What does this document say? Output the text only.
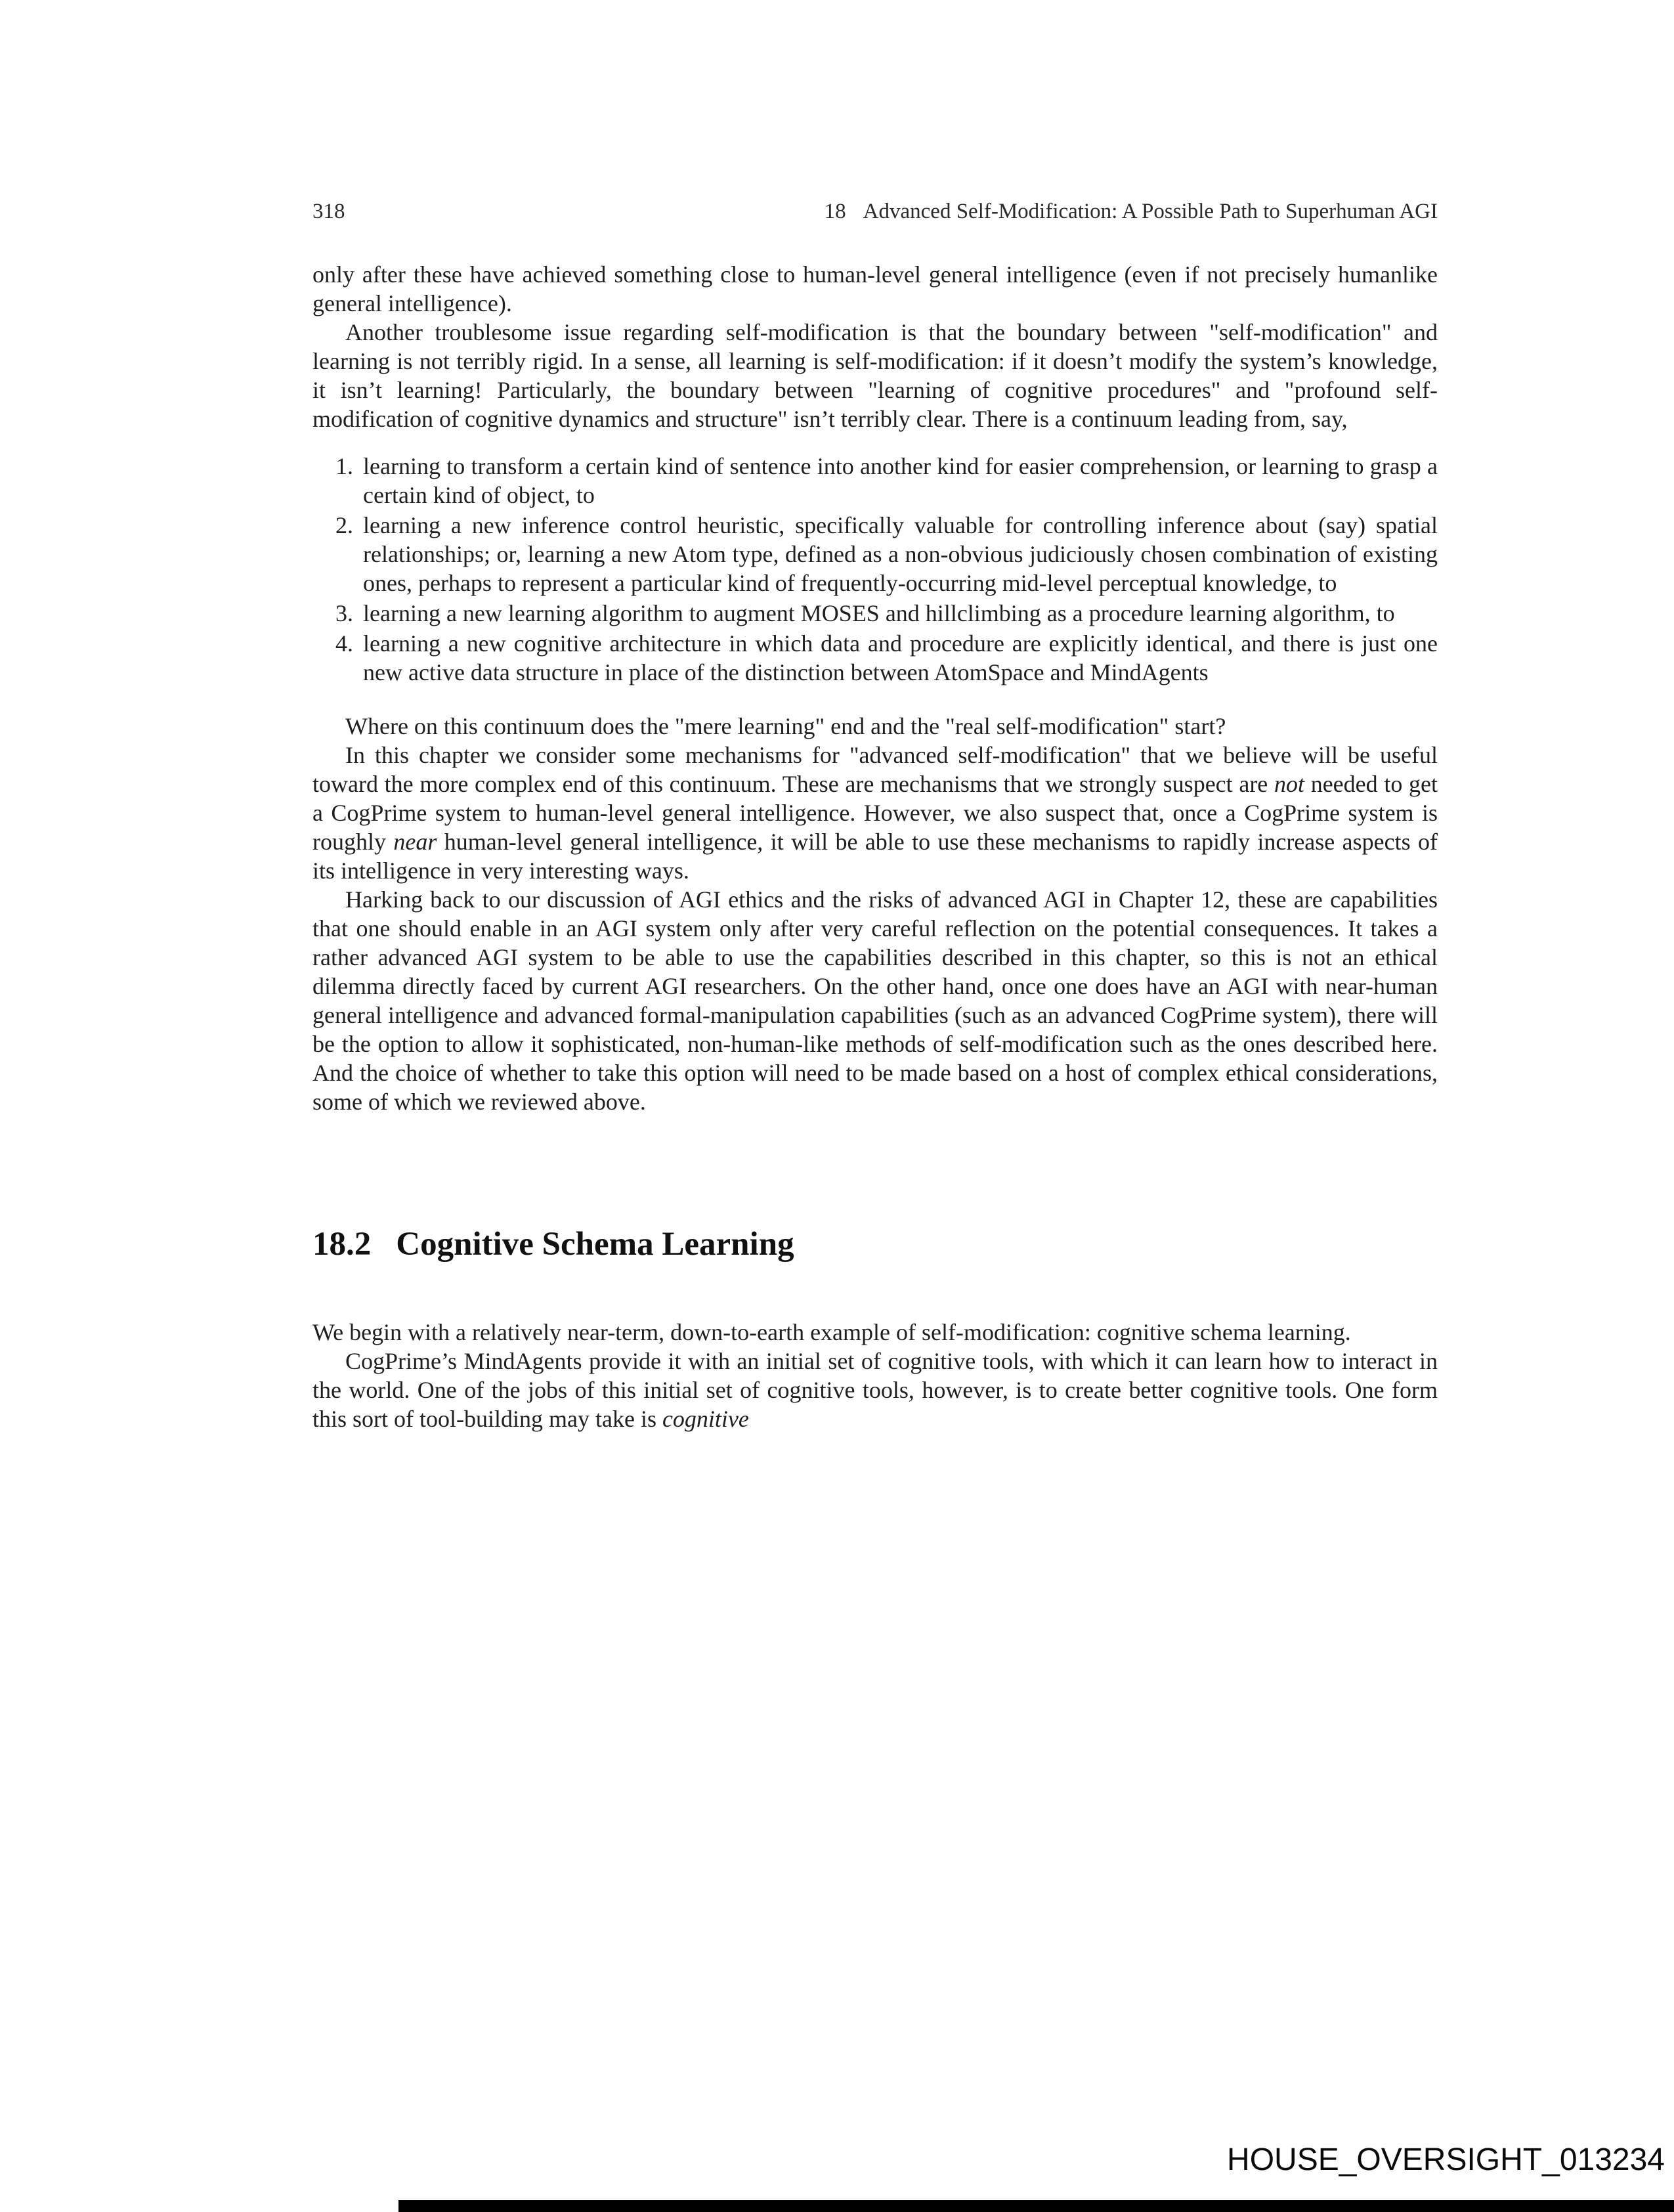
318	18 Advanced Self-Modification: A Possible Path to Superhuman AGI

only after these have achieved something close to human-level general intelligence (even if not precisely humanlike general intelligence).

Another troublesome issue regarding self-modification is that the boundary between "self-modification" and learning is not terribly rigid. In a sense, all learning is self-modification: if it doesn’t modify the system’s knowledge, it isn’t learning! Particularly, the boundary between "learning of cognitive procedures" and "profound self-modification of cognitive dynamics and structure" isn’t terribly clear. There is a continuum leading from, say,

1. learning to transform a certain kind of sentence into another kind for easier comprehension, or learning to grasp a certain kind of object, to
2. learning a new inference control heuristic, specifically valuable for controlling inference about (say) spatial relationships; or, learning a new Atom type, defined as a non-obvious judiciously chosen combination of existing ones, perhaps to represent a particular kind of frequently-occurring mid-level perceptual knowledge, to
3. learning a new learning algorithm to augment MOSES and hillclimbing as a procedure learning algorithm, to
4. learning a new cognitive architecture in which data and procedure are explicitly identical, and there is just one new active data structure in place of the distinction between AtomSpace and MindAgents

Where on this continuum does the "mere learning" end and the "real self-modification" start?

In this chapter we consider some mechanisms for "advanced self-modification" that we believe will be useful toward the more complex end of this continuum. These are mechanisms that we strongly suspect are not needed to get a CogPrime system to human-level general intelligence. However, we also suspect that, once a CogPrime system is roughly near human-level general intelligence, it will be able to use these mechanisms to rapidly increase aspects of its intelligence in very interesting ways.

Harking back to our discussion of AGI ethics and the risks of advanced AGI in Chapter 12, these are capabilities that one should enable in an AGI system only after very careful reflection on the potential consequences. It takes a rather advanced AGI system to be able to use the capabilities described in this chapter, so this is not an ethical dilemma directly faced by current AGI researchers. On the other hand, once one does have an AGI with near-human general intelligence and advanced formal-manipulation capabilities (such as an advanced CogPrime system), there will be the option to allow it sophisticated, non-human-like methods of self-modification such as the ones described here. And the choice of whether to take this option will need to be made based on a host of complex ethical considerations, some of which we reviewed above.

18.2 Cognitive Schema Learning

We begin with a relatively near-term, down-to-earth example of self-modification: cognitive schema learning.

CogPrime’s MindAgents provide it with an initial set of cognitive tools, with which it can learn how to interact in the world. One of the jobs of this initial set of cognitive tools, however, is to create better cognitive tools. One form this sort of tool-building may take is cognitive

HOUSE_OVERSIGHT_013234
